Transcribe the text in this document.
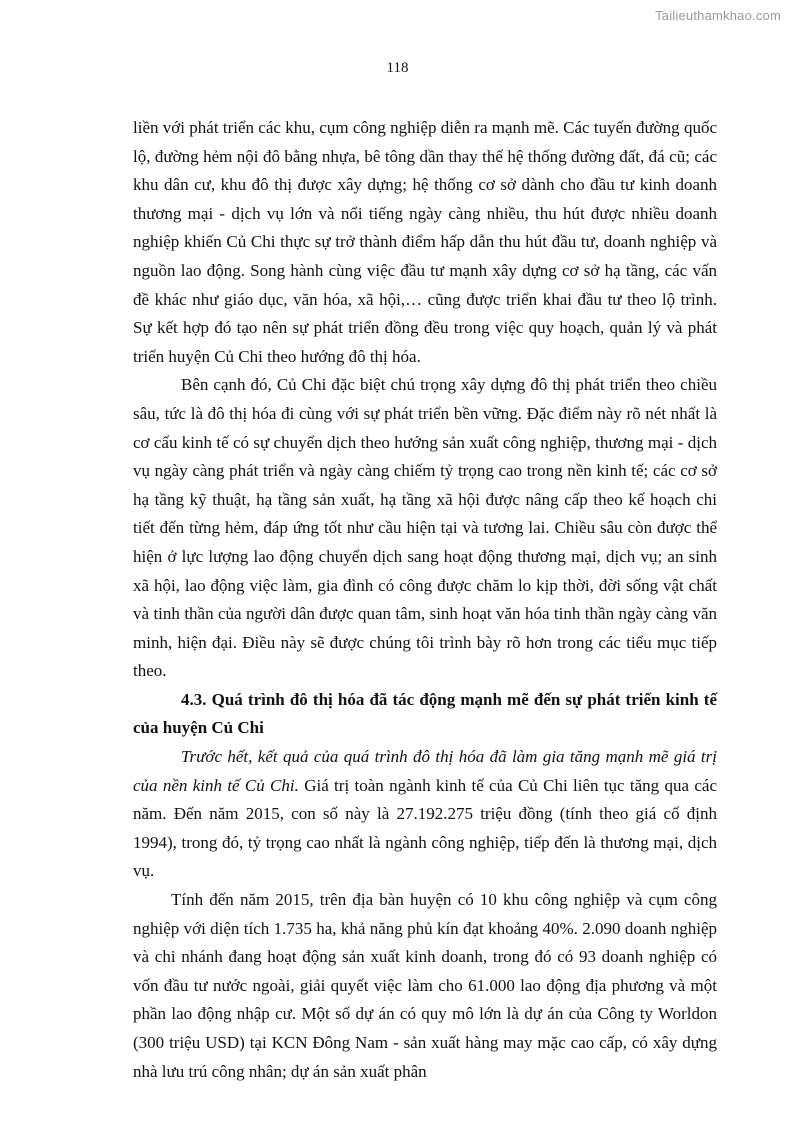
Tailieuthamkhao.com
118

liền với phát triển các khu, cụm công nghiệp diễn ra mạnh mẽ. Các tuyến đường quốc lộ, đường hẻm nội đô bằng nhựa, bê tông dần thay thế hệ thống đường đất, đá cũ; các khu dân cư, khu đô thị được xây dựng; hệ thống cơ sở dành cho đầu tư kinh doanh thương mại - dịch vụ lớn và nổi tiếng ngày càng nhiều, thu hút được nhiều doanh nghiệp khiến Củ Chi thực sự trở thành điểm hấp dẫn thu hút đầu tư, doanh nghiệp và nguồn lao động. Song hành cùng việc đầu tư mạnh xây dựng cơ sở hạ tầng, các vấn đề khác như giáo dục, văn hóa, xã hội,… cũng được triển khai đầu tư theo lộ trình. Sự kết hợp đó tạo nên sự phát triển đồng đều trong việc quy hoạch, quản lý và phát triển huyện Củ Chi theo hướng đô thị hóa.

Bên cạnh đó, Củ Chi đặc biệt chú trọng xây dựng đô thị phát triển theo chiều sâu, tức là đô thị hóa đi cùng với sự phát triển bền vững. Đặc điểm này rõ nét nhất là cơ cấu kinh tế có sự chuyển dịch theo hướng sản xuất công nghiệp, thương mại - dịch vụ ngày càng phát triển và ngày càng chiếm tỷ trọng cao trong nền kinh tế; các cơ sở hạ tầng kỹ thuật, hạ tầng sản xuất, hạ tầng xã hội được nâng cấp theo kế hoạch chi tiết đến từng hẻm, đáp ứng tốt như cầu hiện tại và tương lai. Chiều sâu còn được thể hiện ở lực lượng lao động chuyển dịch sang hoạt động thương mại, dịch vụ; an sinh xã hội, lao động việc làm, gia đình có công được chăm lo kịp thời, đời sống vật chất và tinh thần của người dân được quan tâm, sinh hoạt văn hóa tinh thần ngày càng văn minh, hiện đại. Điều này sẽ được chúng tôi trình bày rõ hơn trong các tiểu mục tiếp theo.

4.3. Quá trình đô thị hóa đã tác động mạnh mẽ đến sự phát triển kinh tế của huyện Củ Chi

Trước hết, kết quả của quá trình đô thị hóa đã làm gia tăng mạnh mẽ giá trị của nền kinh tế Củ Chi. Giá trị toàn ngành kinh tế của Củ Chi liên tục tăng qua các năm. Đến năm 2015, con số này là 27.192.275 triệu đồng (tính theo giá cố định 1994), trong đó, tỷ trọng cao nhất là ngành công nghiệp, tiếp đến là thương mại, dịch vụ.

Tính đến năm 2015, trên địa bàn huyện có 10 khu công nghiệp và cụm công nghiệp với diện tích 1.735 ha, khả năng phủ kín đạt khoảng 40%. 2.090 doanh nghiệp và chi nhánh đang hoạt động sản xuất kinh doanh, trong đó có 93 doanh nghiệp có vốn đầu tư nước ngoài, giải quyết việc làm cho 61.000 lao động địa phương và một phần lao động nhập cư. Một số dự án có quy mô lớn là dự án của Công ty Worldon (300 triệu USD) tại KCN Đông Nam - sản xuất hàng may mặc cao cấp, có xây dựng nhà lưu trú công nhân; dự án sản xuất phân
